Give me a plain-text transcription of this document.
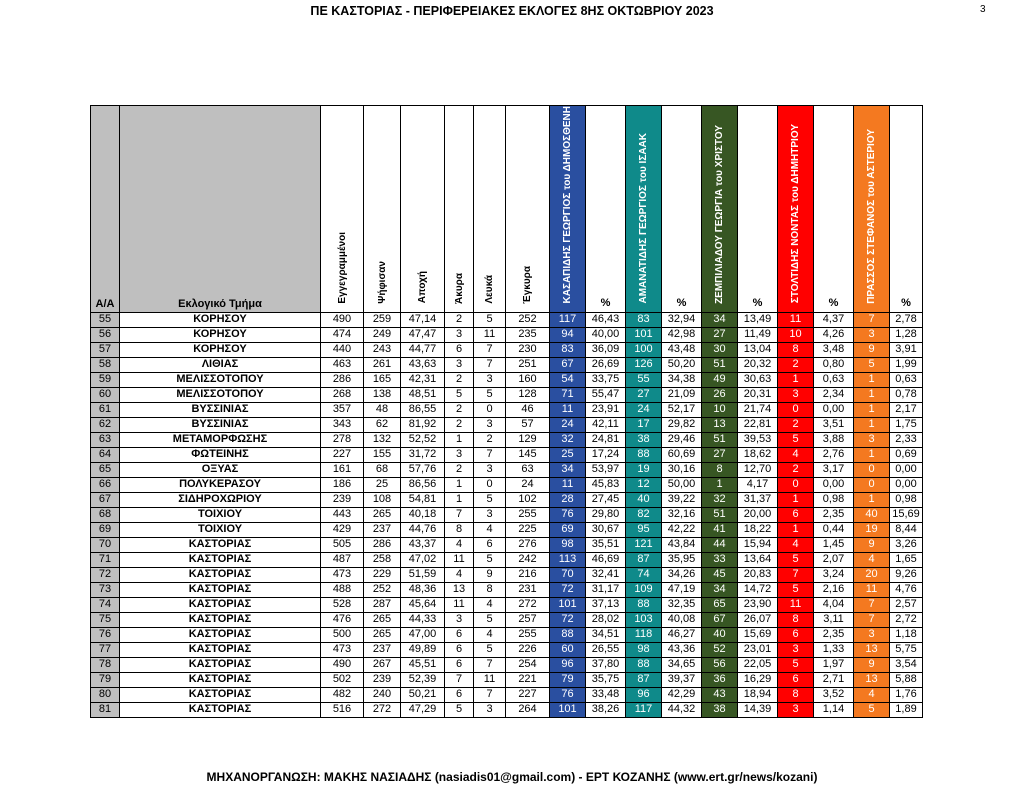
ΠΕ ΚΑΣΤΟΡΙΑΣ - ΠΕΡΙΦΕΡΕΙΑΚΕΣ ΕΚΛΟΓΕΣ 8ΗΣ ΟΚΤΩΒΡΙΟΥ 2023	3
Α/Α	Εκλογικό Τμήμα	Εγγεγραμμένοι	Ψήφισαν	Αποχή	Άκυρα	Λευκά	Έγκυρα	ΚΑΣΑΠΙΔΗΣ ΓΕΩΡΓΙΟΣ του ΔΗΜΟΣΘΕΝΗ	%	ΑΜΑΝΑΤΙΔΗΣ ΓΕΩΡΓΙΟΣ του ΙΣΑΑΚ	%	ΖΕΜΠΙΛΙΑΔΟΥ ΓΕΩΡΓΙΑ του ΧΡΙΣΤΟΥ	%	ΣΤΟΛΤΙΔΗΣ ΝΟΝΤΑΣ του ΔΗΜΗΤΡΙΟΥ	%	ΠΡΑΣΣΟΣ ΣΤΕΦΑΝΟΣ του ΑΣΤΕΡΙΟΥ	%
55	ΚΟΡΗΣΟΥ	490	259	47,14	2	5	252	117	46,43	83	32,94	34	13,49	11	4,37	7	2,78
56	ΚΟΡΗΣΟΥ	474	249	47,47	3	11	235	94	40,00	101	42,98	27	11,49	10	4,26	3	1,28
57	ΚΟΡΗΣΟΥ	440	243	44,77	6	7	230	83	36,09	100	43,48	30	13,04	8	3,48	9	3,91
58	ΛΙΘΙΑΣ	463	261	43,63	3	7	251	67	26,69	126	50,20	51	20,32	2	0,80	5	1,99
59	ΜΕΛΙΣΣΟΤΟΠΟΥ	286	165	42,31	2	3	160	54	33,75	55	34,38	49	30,63	1	0,63	1	0,63
60	ΜΕΛΙΣΣΟΤΟΠΟΥ	268	138	48,51	5	5	128	71	55,47	27	21,09	26	20,31	3	2,34	1	0,78
61	ΒΥΣΣΙΝΙΑΣ	357	48	86,55	2	0	46	11	23,91	24	52,17	10	21,74	0	0,00	1	2,17
62	ΒΥΣΣΙΝΙΑΣ	343	62	81,92	2	3	57	24	42,11	17	29,82	13	22,81	2	3,51	1	1,75
63	ΜΕΤΑΜΟΡΦΩΣΗΣ	278	132	52,52	1	2	129	32	24,81	38	29,46	51	39,53	5	3,88	3	2,33
64	ΦΩΤΕΙΝΗΣ	227	155	31,72	3	7	145	25	17,24	88	60,69	27	18,62	4	2,76	1	0,69
65	ΟΞΥΑΣ	161	68	57,76	2	3	63	34	53,97	19	30,16	8	12,70	2	3,17	0	0,00
66	ΠΟΛΥΚΕΡΑΣΟΥ	186	25	86,56	1	0	24	11	45,83	12	50,00	1	4,17	0	0,00	0	0,00
67	ΣΙΔΗΡΟΧΩΡΙΟΥ	239	108	54,81	1	5	102	28	27,45	40	39,22	32	31,37	1	0,98	1	0,98
68	ΤΟΙΧΙΟΥ	443	265	40,18	7	3	255	76	29,80	82	32,16	51	20,00	6	2,35	40	15,69
69	ΤΟΙΧΙΟΥ	429	237	44,76	8	4	225	69	30,67	95	42,22	41	18,22	1	0,44	19	8,44
70	ΚΑΣΤΟΡΙΑΣ	505	286	43,37	4	6	276	98	35,51	121	43,84	44	15,94	4	1,45	9	3,26
71	ΚΑΣΤΟΡΙΑΣ	487	258	47,02	11	5	242	113	46,69	87	35,95	33	13,64	5	2,07	4	1,65
72	ΚΑΣΤΟΡΙΑΣ	473	229	51,59	4	9	216	70	32,41	74	34,26	45	20,83	7	3,24	20	9,26
73	ΚΑΣΤΟΡΙΑΣ	488	252	48,36	13	8	231	72	31,17	109	47,19	34	14,72	5	2,16	11	4,76
74	ΚΑΣΤΟΡΙΑΣ	528	287	45,64	11	4	272	101	37,13	88	32,35	65	23,90	11	4,04	7	2,57
75	ΚΑΣΤΟΡΙΑΣ	476	265	44,33	3	5	257	72	28,02	103	40,08	67	26,07	8	3,11	7	2,72
76	ΚΑΣΤΟΡΙΑΣ	500	265	47,00	6	4	255	88	34,51	118	46,27	40	15,69	6	2,35	3	1,18
77	ΚΑΣΤΟΡΙΑΣ	473	237	49,89	6	5	226	60	26,55	98	43,36	52	23,01	3	1,33	13	5,75
78	ΚΑΣΤΟΡΙΑΣ	490	267	45,51	6	7	254	96	37,80	88	34,65	56	22,05	5	1,97	9	3,54
79	ΚΑΣΤΟΡΙΑΣ	502	239	52,39	7	11	221	79	35,75	87	39,37	36	16,29	6	2,71	13	5,88
80	ΚΑΣΤΟΡΙΑΣ	482	240	50,21	6	7	227	76	33,48	96	42,29	43	18,94	8	3,52	4	1,76
81	ΚΑΣΤΟΡΙΑΣ	516	272	47,29	5	3	264	101	38,26	117	44,32	38	14,39	3	1,14	5	1,89
ΜΗΧΑΝΟΡΓΑΝΩΣΗ: ΜΑΚΗΣ ΝΑΣΙΑΔΗΣ (nasiadis01@gmail.com) - ΕΡΤ ΚΟΖΑΝΗΣ (www.ert.gr/news/kozani)
